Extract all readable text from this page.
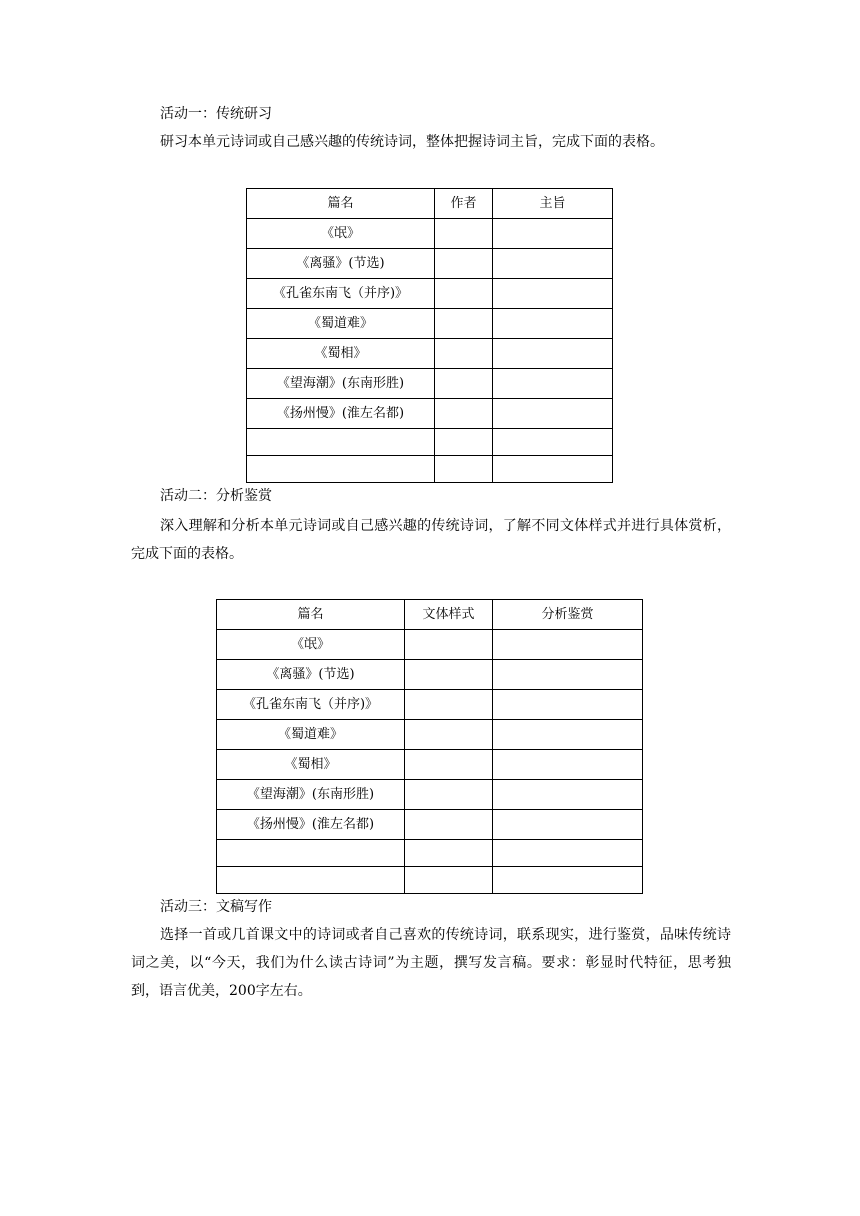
活动一：传统研习
研习本单元诗词或自己感兴趣的传统诗词，整体把握诗词主旨，完成下面的表格。
篇名	作者	主旨
《氓》		
《离骚》(节选)		
《孔雀东南飞（并序)》		
《蜀道难》		
《蜀相》		
《望海潮》(东南形胜)		
《扬州慢》(淮左名都)		

活动二：分析鉴赏
深入理解和分析本单元诗词或自己感兴趣的传统诗词，了解不同文体样式并进行具体赏析，完成下面的表格。
篇名	文体样式	分析鉴赏
《氓》		
《离骚》(节选)		
《孔雀东南飞（并序)》		
《蜀道难》		
《蜀相》		
《望海潮》(东南形胜)		
《扬州慢》(淮左名都)		

活动三：文稿写作
选择一首或几首课文中的诗词或者自己喜欢的传统诗词，联系现实，进行鉴赏，品味传统诗词之美，以“今天，我们为什么读古诗词”为主题，撰写发言稿。要求：彰显时代特征，思考独到，语言优美，200字左右。
